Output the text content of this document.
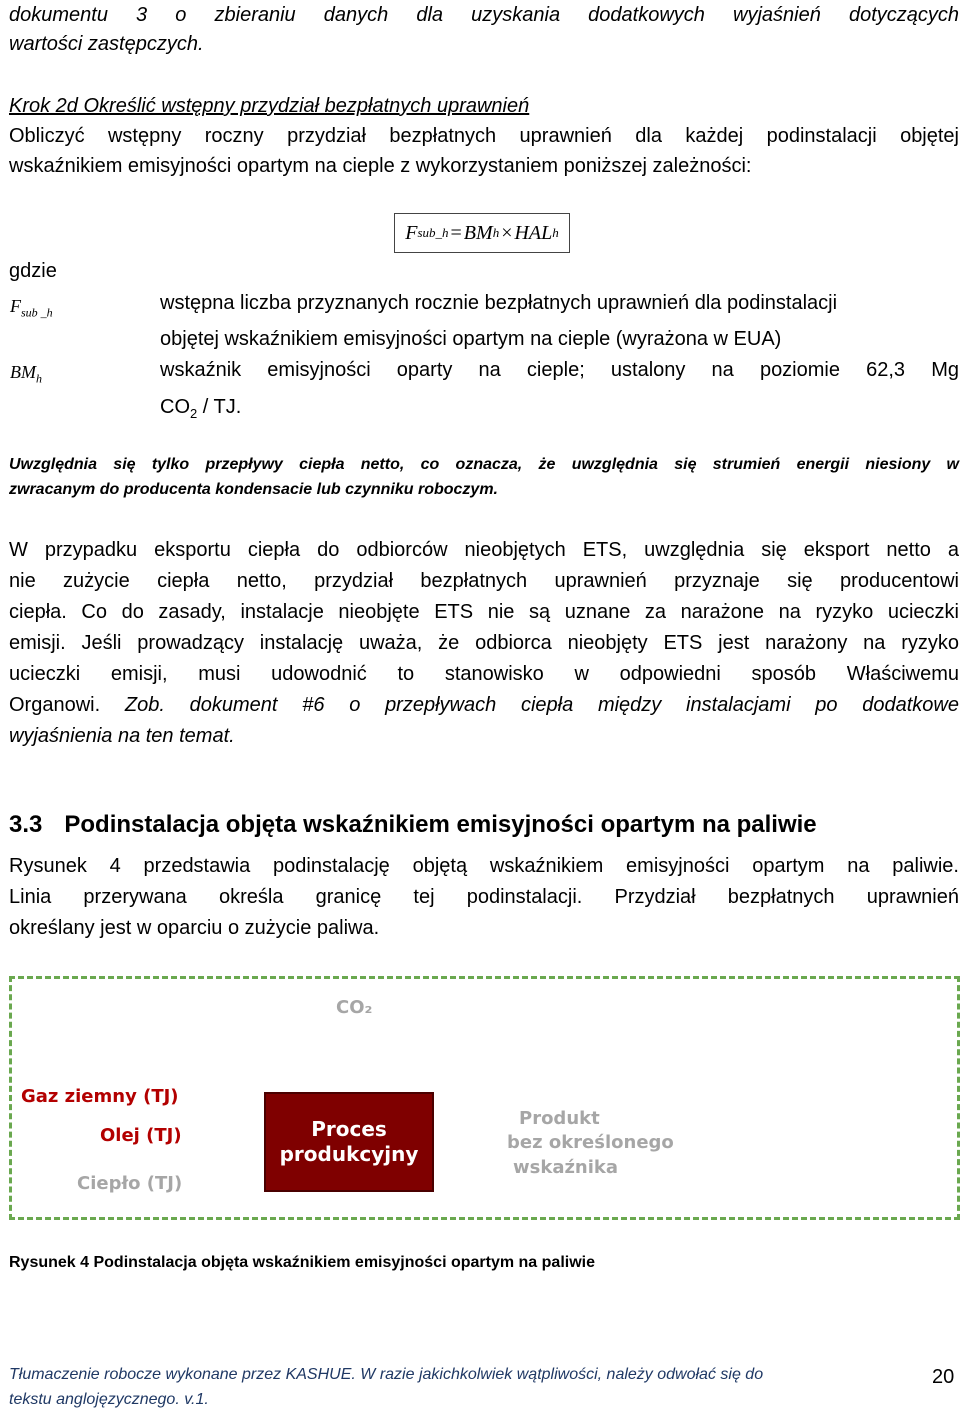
dokumentu 3 o zbieraniu danych dla uzyskania dodatkowych wyjaśnień dotyczących
wartości zastępczych.
Krok 2d Określić wstępny przydział bezpłatnych uprawnień
Obliczyć wstępny roczny przydział bezpłatnych uprawnień dla każdej podinstalacji objętej
wskaźnikiem emisyjności opartym na cieple z wykorzystaniem poniższej zależności:
F sub_h = BM h × HAL h
gdzie
$F_{sub \_h}$	wstępna liczba przyznanych rocznie bezpłatnych uprawnień dla podinstalacji
objętej wskaźnikiem emisyjności opartym na cieple (wyrażona w EUA)
$BM_h$	wskaźnik emisyjności oparty na cieple; ustalony na poziomie 62,3 Mg
$CO_2$ / TJ.
Uwzględnia się tylko przepływy ciepła netto, co oznacza, że uwzględnia się strumień energii niesiony w
zwracanym do producenta kondensacie lub czynniku roboczym.
W przypadku eksportu ciepła do odbiorców nieobjętych ETS, uwzględnia się eksport netto a
nie zużycie ciepła netto, przydział bezpłatnych uprawnień przyznaje się producentowi
ciepła. Co do zasady, instalacje nieobjęte ETS nie są uznane za narażone na ryzyko ucieczki
emisji. Jeśli prowadzący instalację uważa, że odbiorca nieobjęty ETS jest narażony na ryzyko
ucieczki emisji, musi udowodnić to stanowisko w odpowiedni sposób Właściwemu
Organowi. Zob. dokument #6 o przepływach ciepła między instalacjami po dodatkowe
wyjaśnienia na ten temat.
3.3 Podinstalacja objęta wskaźnikiem emisyjności opartym na paliwie
Rysunek 4 przedstawia podinstalację objętą wskaźnikiem emisyjności opartym na paliwie.
Linia przerywana określa granicę tej podinstalacji. Przydział bezpłatnych uprawnień
określany jest w oparciu o zużycie paliwa.
CO₂
Gaz ziemny (TJ)
Olej (TJ)
Ciepło (TJ)
Proces
produkcyjny
Produkt
bez określonego
wskaźnika
Rysunek 4 Podinstalacja objęta wskaźnikiem emisyjności opartym na paliwie
Tłumaczenie robocze wykonane przez KASHUE. W razie jakichkolwiek wątpliwości, należy odwołać się do
tekstu anglojęzycznego. v.1.
20
